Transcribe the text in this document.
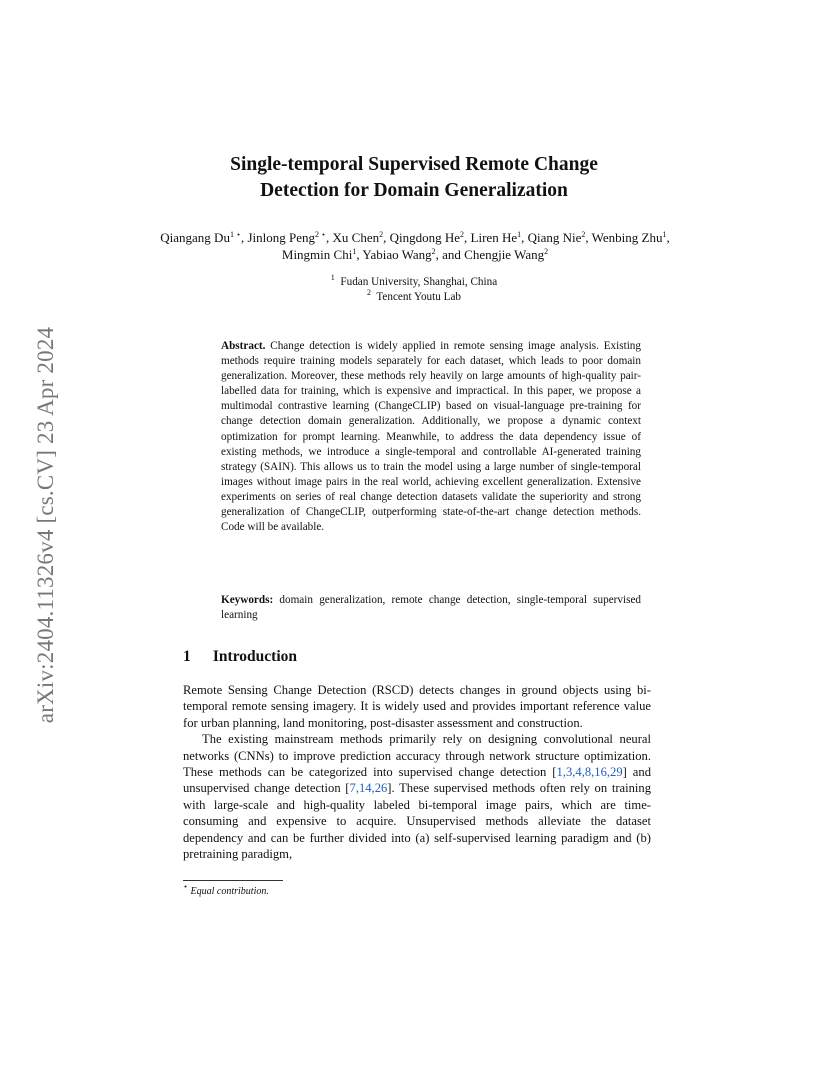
arXiv:2404.11326v4 [cs.CV] 23 Apr 2024
Single-temporal Supervised Remote Change
Detection for Domain Generalization
Qiangang $Du^{1 ⋆}$, Jinlong Peng$^{2 ⋆}$, Xu Chen$^2$, Qingdong He$^2$, Liren He$^1$, Qiang Nie$^2$, Wenbing Zhu$^1$, Mingmin Chi$^1$, Yabiao Wang$^2$, and Chengjie Wang$^2$
$^1$ Fudan University, Shanghai, China
$^2$ Tencent Youtu Lab
Abstract. Change detection is widely applied in remote sensing image analysis. Existing methods require training models separately for each dataset, which leads to poor domain generalization. Moreover, these methods rely heavily on large amounts of high-quality pair-labelled data for training, which is expensive and impractical. In this paper, we propose a multimodal contrastive learning (ChangeCLIP) based on visual-language pre-training for change detection domain generalization. Additionally, we propose a dynamic context optimization for prompt learning. Meanwhile, to address the data dependency issue of existing methods, we introduce a single-temporal and controllable AI-generated training strategy (SAIN). This allows us to train the model using a large number of single-temporal images without image pairs in the real world, achieving excellent generalization. Extensive experiments on series of real change detection datasets validate the superiority and strong generalization of ChangeCLIP, outperforming state-of-the-art change detection methods. Code will be available.
Keywords: domain generalization, remote change detection, single-temporal supervised learning
1 Introduction

Remote Sensing Change Detection (RSCD) detects changes in ground objects using bi-temporal remote sensing imagery. It is widely used and provides important reference value for urban planning, land monitoring, post-disaster assessment and construction.

The existing mainstream methods primarily rely on designing convolutional neural networks (CNNs) to improve prediction accuracy through network structure optimization. These methods can be categorized into supervised change detection [1,3,4,8,16,29] and unsupervised change detection [7,14,26]. These supervised methods often rely on training with large-scale and high-quality labeled bi-temporal image pairs, which are time-consuming and expensive to acquire. Unsupervised methods alleviate the dataset dependency and can be further divided into (a) self-supervised learning paradigm and (b) pretraining paradigm,

⋆ Equal contribution.
